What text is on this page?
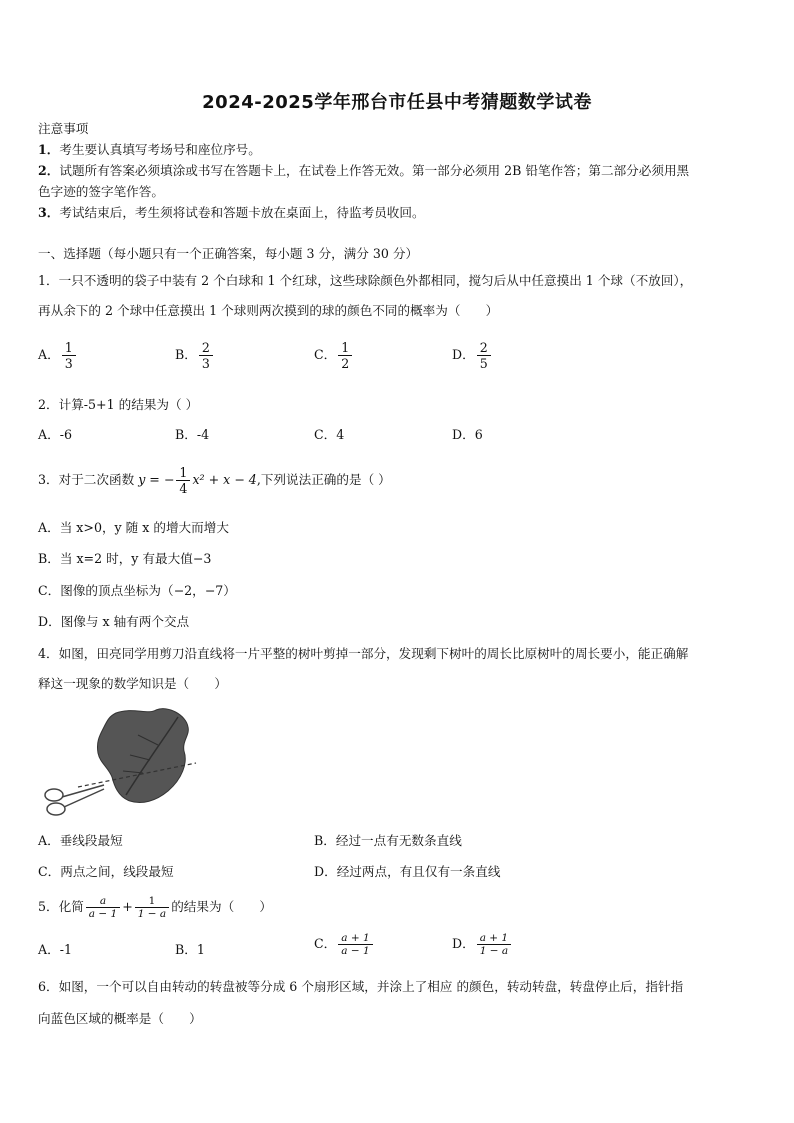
2024-2025学年邢台市任县中考猜题数学试卷
注意事项
1．考生要认真填写考场号和座位序号。
2．试题所有答案必须填涂或书写在答题卡上，在试卷上作答无效。第一部分必须用 2B 铅笔作答；第二部分必须用黑
色字迹的签字笔作答。
3．考试结束后，考生须将试卷和答题卡放在桌面上，待监考员收回。
一、选择题（每小题只有一个正确答案，每小题 3 分，满分 30 分）
1．一只不透明的袋子中装有 2 个白球和 1 个红球，这些球除颜色外都相同，搅匀后从中任意摸出 1 个球（不放回），
再从余下的 2 个球中任意摸出 1 个球则两次摸到的球的颜色不同的概率为（　　）
A． $\frac{1}{3}$	B． $\frac{2}{3}$	C． $\frac{1}{2}$	D． $\frac{2}{5}$
2．计算-5+1 的结果为（ ）
A．-6	B．-4	C．4	D．6
3．对于二次函数 y = − $\frac{1}{4} x^2 + x - 4$,下列说法正确的是（ ）
A．当 x>0，y 随 x 的增大而增大
B．当 x=2 时，y 有最大值−3
C．图像的顶点坐标为（−2，−7）
D．图像与 x 轴有两个交点
4．如图，田亮同学用剪刀沿直线将一片平整的树叶剪掉一部分，发现剩下树叶的周长比原树叶的周长要小，能正确解
释这一现象的数学知识是（　　）
A．垂线段最短	B．经过一点有无数条直线
C．两点之间，线段最短	D．经过两点，有且仅有一条直线
5．化简 $\frac{a}{a - 1} + \frac{1}{1 - a}$ 的结果为（　　）
A．-1	B．1	C． $\frac{a + 1}{a - 1}$	D． $\frac{a + 1}{1 - a}$
6．如图，一个可以自由转动的转盘被等分成 6 个扇形区域，并涂上了相应 的颜色，转动转盘，转盘停止后，指针指
向蓝色区域的概率是（　　）
